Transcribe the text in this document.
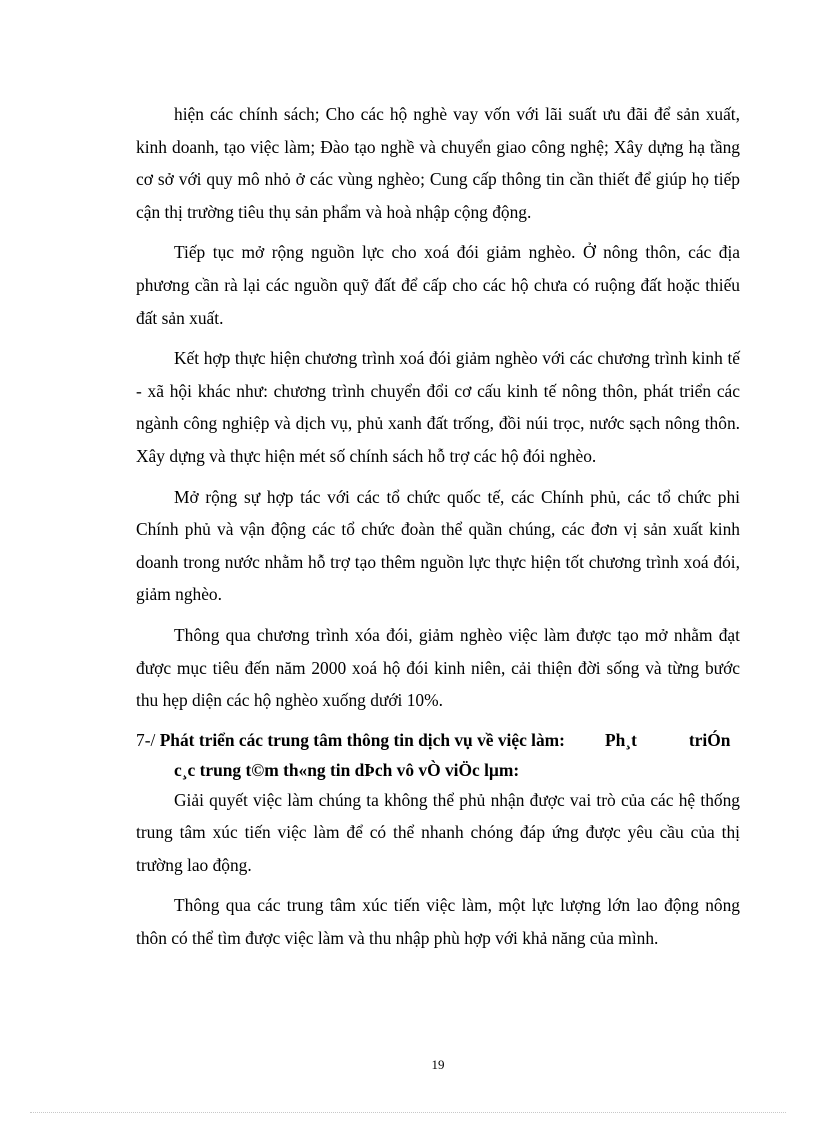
hiện các chính sách; Cho các hộ nghè vay vốn với lãi suất ưu đãi để sản xuất, kinh doanh, tạo việc làm; Đào tạo nghề và chuyển giao công nghệ; Xây dựng hạ tầng cơ sở với quy mô nhỏ ở các vùng nghèo; Cung cấp thông tin cần thiết để giúp họ tiếp cận thị trường tiêu thụ sản phẩm và hoà nhập cộng động.

Tiếp tục mở rộng nguồn lực cho xoá đói giảm nghèo. Ở nông thôn, các địa phương cần rà lại các nguồn quỹ đất để cấp cho các hộ chưa có ruộng đất hoặc thiếu đất sản xuất.

Kết hợp thực hiện chương trình xoá đói giảm nghèo với các chương trình kinh tế - xã hội khác như: chương trình chuyển đổi cơ cấu kinh tế nông thôn, phát triển các ngành công nghiệp và dịch vụ, phủ xanh đất trống, đồi núi trọc, nước sạch nông thôn. Xây dựng và thực hiện mét số chính sách hỗ trợ các hộ đói nghèo.

Mở rộng sự hợp tác với các tổ chức quốc tế, các Chính phủ, các tổ chức phi Chính phủ và vận động các tổ chức đoàn thể quần chúng, các đơn vị sản xuất kinh doanh trong nước nhằm hỗ trợ tạo thêm nguồn lực thực hiện tốt chương trình xoá đói, giảm nghèo.

Thông qua chương trình xóa đói, giảm nghèo việc làm được tạo mở nhằm đạt được mục tiêu đến năm 2000 xoá hộ đói kinh niên, cải thiện đời sống và từng bước thu hẹp diện các hộ nghèo xuống dưới 10%.

7-/ Phát triển các trung tâm thông tin dịch vụ về việc làm: Ph¸t	triÓn
c¸c trung t©m th«ng tin dÞch vô vÒ viÖc lµm:

Giải quyết việc làm chúng ta không thể phủ nhận được vai trò của các hệ thống trung tâm xúc tiến việc làm để có thể nhanh chóng đáp ứng được yêu cầu của thị trường lao động.

Thông qua các trung tâm xúc tiến việc làm, một lực lượng lớn lao động nông thôn có thể tìm được việc làm và thu nhập phù hợp với khả năng của mình.

19
